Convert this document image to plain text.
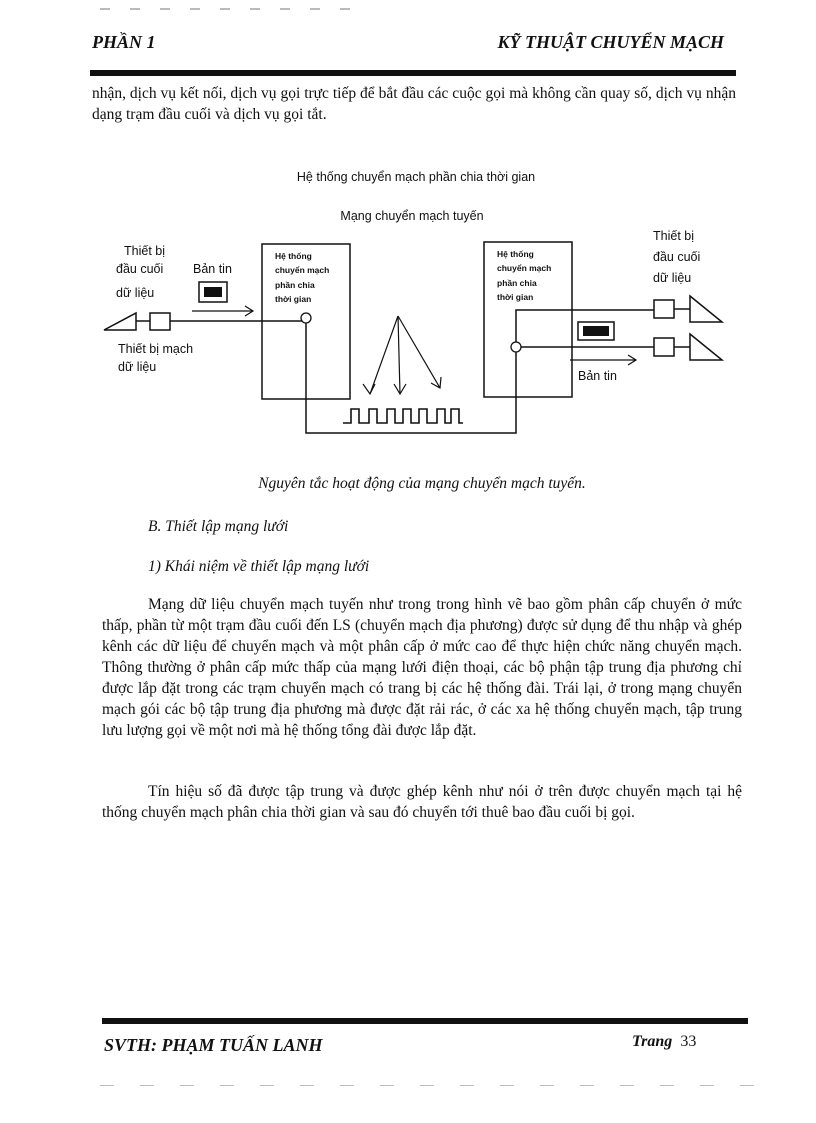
PHẦN 1	KỸ THUẬT CHUYỂN MẠCH
nhận, dịch vụ kết nối, dịch vụ gọi trực tiếp để bắt đầu các cuộc gọi mà không cần quay số, dịch vụ nhận dạng trạm đầu cuối và dịch vụ gọi tắt.
Hệ thống chuyển mạch phần chia thời gian
Mạng chuyển mạch tuyến
Thiết bị
đầu cuối
dữ liệu
Bản tin
Thiết bị mạch
dữ liệu
Hệ thống
chuyển mạch
phần chia
thời gian
Hệ thống
chuyển mạch
phần chia
thời gian
Thiết bị
đầu cuối
dữ liệu
Bản tin
Nguyên tắc hoạt động của mạng chuyển mạch tuyến.
B. Thiết lập mạng lưới
1) Khái niệm về thiết lập mạng lưới
Mạng dữ liệu chuyển mạch tuyến như trong trong hình vẽ bao gồm phân cấp chuyển ở mức thấp, phần từ một trạm đầu cuối đến LS (chuyển mạch địa phương) được sử dụng để thu nhập và ghép kênh các dữ liệu để chuyển mạch và một phân cấp ở mức cao để thực hiện chức năng chuyển mạch. Thông thường ở phân cấp mức thấp của mạng lưới điện thoại, các bộ phận tập trung địa phương chỉ được lắp đặt trong các trạm chuyển mạch có trang bị các hệ thống đài. Trái lại, ở trong mạng chuyển mạch gói các bộ tập trung địa phương mà được đặt rải rác, ở các xa hệ thống chuyển mạch, tập trung lưu lượng gọi về một nơi mà hệ thống tổng đài được lắp đặt.
Tín hiệu số đã được tập trung và được ghép kênh như nói ở trên được chuyển mạch tại hệ thống chuyển mạch phân chia thời gian và sau đó chuyển tới thuê bao đầu cuối bị gọi.
SVTH: PHẠM TUẤN LANH	Trang 33
